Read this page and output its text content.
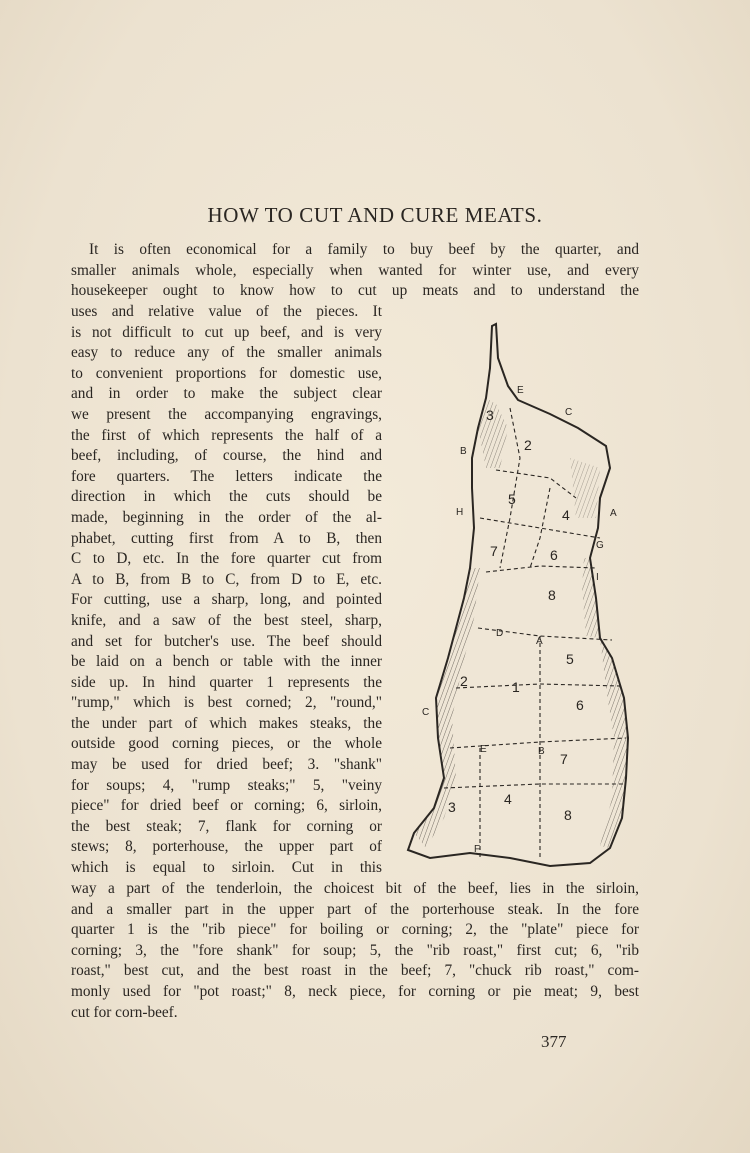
HOW TO CUT AND CURE MEATS.
It is often economical for a family to buy beef by the quarter, and
smaller animals whole, especially when wanted for winter use, and every
housekeeper ought to know how to cut up meats and to understand the
uses and relative value of the pieces. It
is not difficult to cut up beef, and is very
easy to reduce any of the smaller animals
to convenient proportions for domestic use,
and in order to make the subject clear
we present the accompanying engravings,
the first of which represents the half of a
beef, including, of course, the hind and
fore quarters. The letters indicate the
direction in which the cuts should be
made, beginning in the order of the al-
phabet, cutting first from A to B, then
C to D, etc. In the fore quarter cut from
A to B, from B to C, from D to E, etc.
For cutting, use a sharp, long, and pointed
knife, and a saw of the best steel, sharp,
and set for butcher's use. The beef should
be laid on a bench or table with the inner
side up. In hind quarter 1 represents the
"rump," which is best corned; 2, "round,"
the under part of which makes steaks, the
outside good corning pieces, or the whole
may be used for dried beef; 3. "shank"
for soups; 4, "rump steaks;" 5, "veiny
piece" for dried beef or corning; 6, sirloin,
the best steak; 7, flank for corning or
stews; 8, porterhouse, the upper part of
which is equal to sirloin. Cut in this
way a part of the tenderloin, the choicest bit of the beef, lies in the sirloin,
and a smaller part in the upper part of the porterhouse steak. In the fore
quarter 1 is the "rib piece" for boiling or corning; 2, the "plate" piece for
corning; 3, the "fore shank" for soup; 5, the "rib roast," first cut; 6, "rib
roast," best cut, and the best roast in the beef; 7, "chuck rib roast," com-
monly used for "pot roast;" 8, neck piece, for corning or pie meat; 9, best
cut for corn-beef.
E
C
B
A
H
G
I
D
A
C
E	B
F
3
2
5
4
7	6
8
5
2	1
6
7
3	4
8
377
